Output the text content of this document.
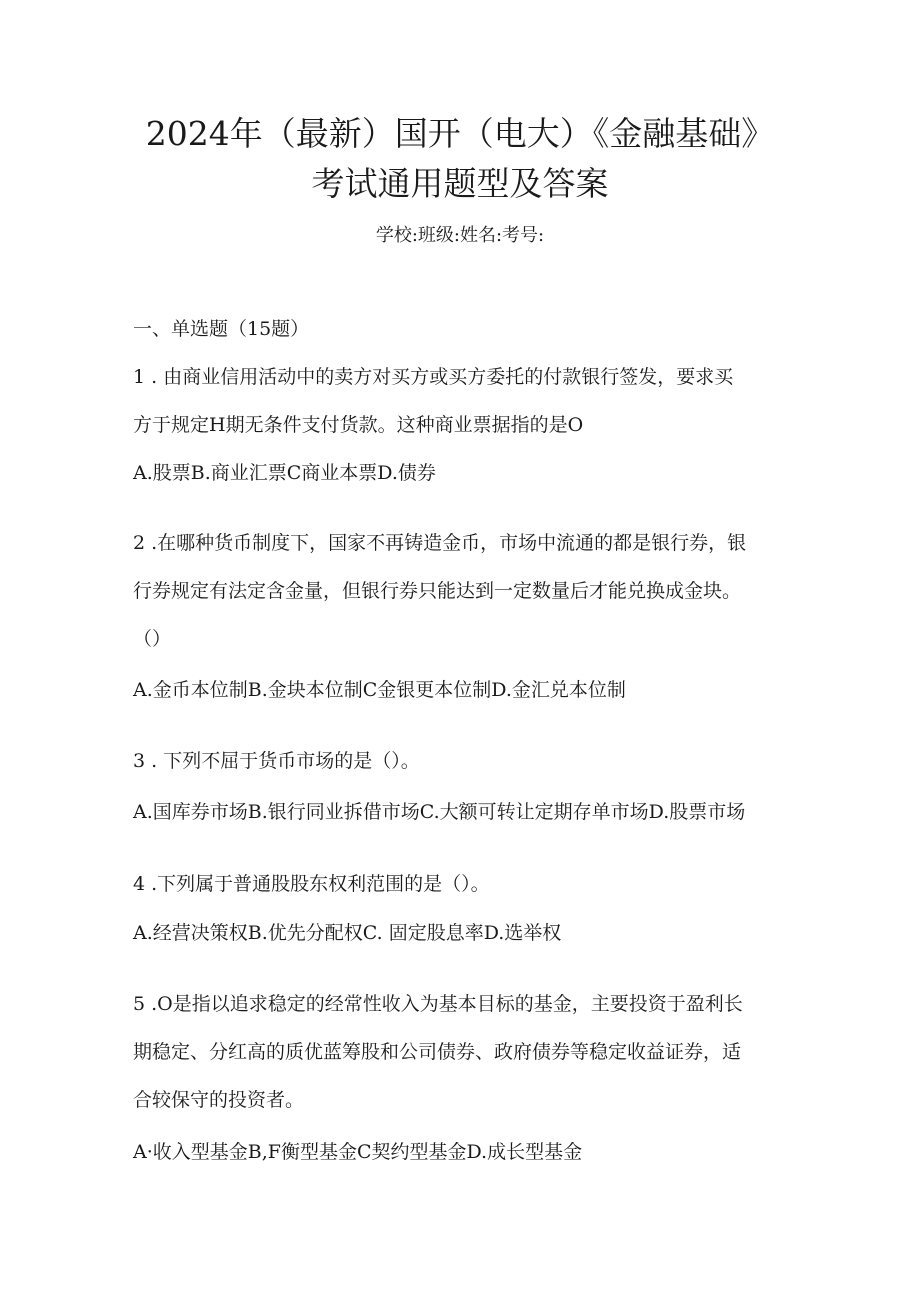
2024年（最新）国开（电大）《金融基础》
考试通用题型及答案
学校:班级:姓名:考号:
一、单选题（15题）
1 . 由商业信用活动中的卖方对买方或买方委托的付款银行签发，要求买
方于规定H期无条件支付货款。这种商业票据指的是O
A.股票B.商业汇票C商业本票D.债券
2 .在哪种货币制度下，国家不再铸造金币，市场中流通的都是银行券，银
行券规定有法定含金量，但银行券只能达到一定数量后才能兑换成金块。
（）
A.金币本位制B.金块本位制C金银更本位制D.金汇兑本位制
3 . 下列不屈于货币市场的是（）。
A.国库券市场B.银行同业拆借市场C.大额可转让定期存单市场D.股票市场
4 .下列属于普通股股东权利范围的是（）。
A.经营决策权B.优先分配权C. 固定股息率D.选举权
5 .O是指以追求稳定的经常性收入为基本目标的基金，主要投资于盈利长
期稳定、分红高的质优蓝筹股和公司债券、政府债券等稳定收益证券，适
合较保守的投资者。
A·收入型基金B,F衡型基金C契约型基金D.成长型基金
